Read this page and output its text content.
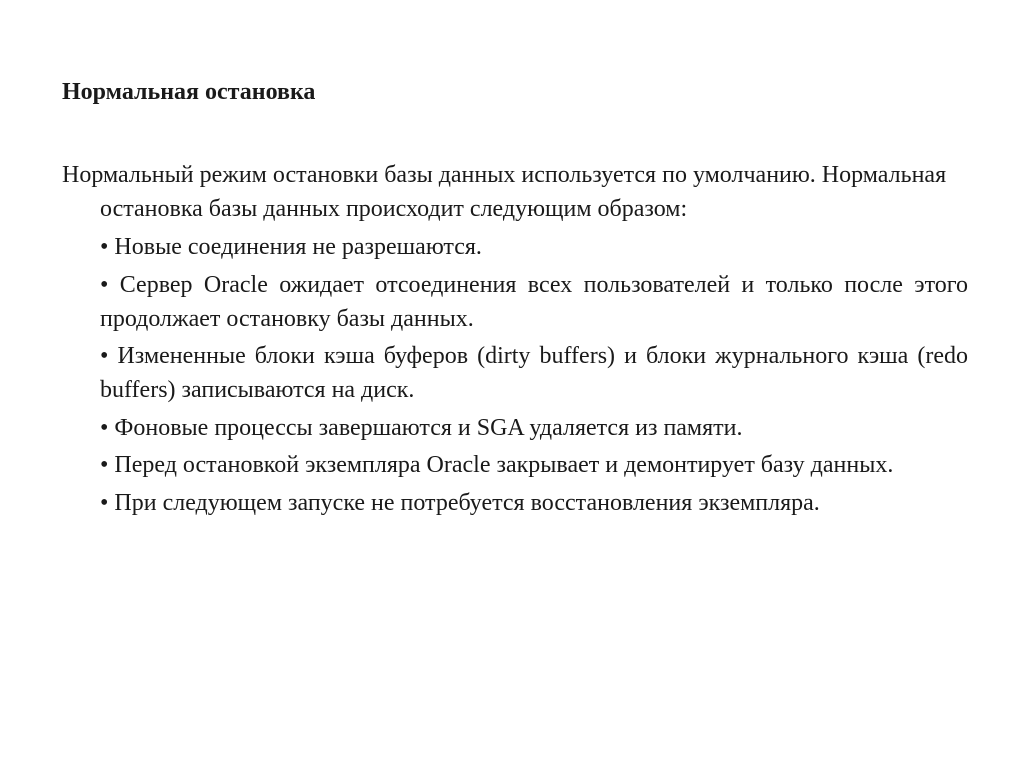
Нормальная остановка

Нормальный режим остановки базы данных используется по умолчанию. Нормальная остановка базы данных происходит следующим образом:

• Новые соединения не разрешаются.
• Сервер Oracle ожидает отсоединения всех пользователей и только после этого продолжает остановку базы данных.
• Измененные блоки кэша буферов (dirty buffers) и блоки журнального кэша (redo buffers) записываются на диск.
• Фоновые процессы завершаются и SGA удаляется из памяти.
• Перед остановкой экземпляра Oracle закрывает и демонтирует базу данных.
• При следующем запуске не потребуется восстановления экземпляра.
